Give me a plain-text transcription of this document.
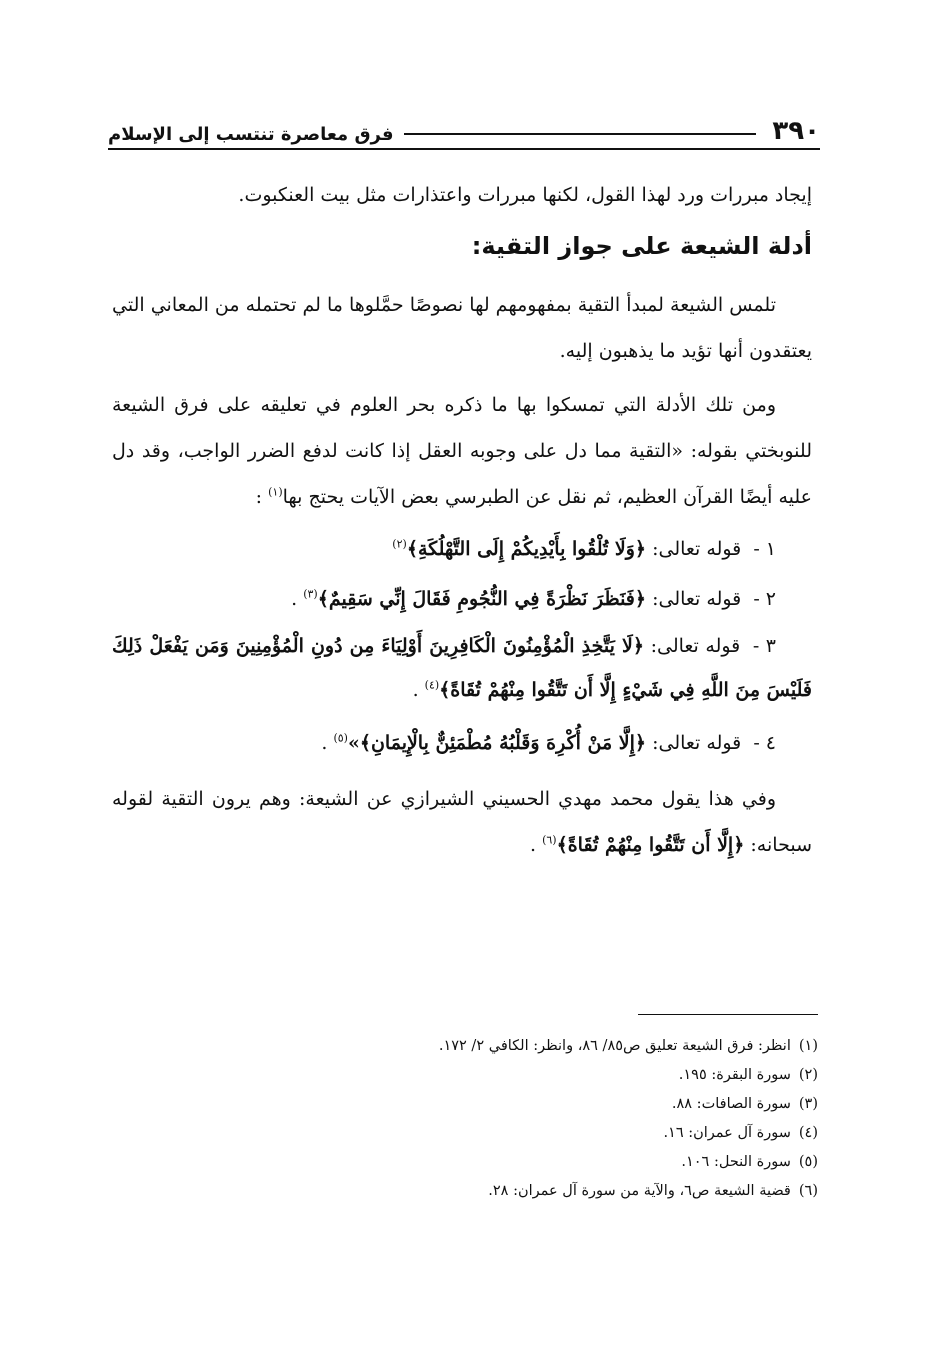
٣٩٠
فرق معاصرة تنتسب إلى الإسلام

إيجاد مبررات ورد لهذا القول، لكنها مبررات واعتذارات مثل بيت العنكبوت.

أدلة الشيعة على جواز التقية:

تلمس الشيعة لمبدأ التقية بمفهومهم لها نصوصًا حمَّلوها ما لم تحتمله من المعاني التي يعتقدون أنها تؤيد ما يذهبون إليه.

ومن تلك الأدلة التي تمسكوا بها ما ذكره بحر العلوم في تعليقه على فرق الشيعة للنوبختي بقوله: «التقية مما دل على وجوبه العقل إذا كانت لدفع الضرر الواجب، وقد دل عليه أيضًا القرآن العظيم، ثم نقل عن الطبرسي بعض الآيات يحتج بها$^{(١)}$ :

١ - قوله تعالى: ﴿وَلَا تُلْقُوا بِأَيْدِيكُمْ إِلَى التَّهْلُكَةِ﴾$^{(٢)}$

٢ - قوله تعالى: ﴿فَنَظَرَ نَظْرَةً فِي النُّجُومِ فَقَالَ إِنِّي سَقِيمٌ﴾$^{(٣)}$ .

٣ - قوله تعالى: ﴿لَا يَتَّخِذِ الْمُؤْمِنُونَ الْكَافِرِينَ أَوْلِيَاءَ مِن دُونِ الْمُؤْمِنِينَ وَمَن يَفْعَلْ ذَلِكَ فَلَيْسَ مِنَ اللَّهِ فِي شَيْءٍ إِلَّا أَن تَتَّقُوا مِنْهُمْ تُقَاةً﴾$^{(٤)}$ .

٤ - قوله تعالى: ﴿إِلَّا مَنْ أُكْرِهَ وَقَلْبُهُ مُطْمَئِنٌّ بِالْإِيمَانِ﴾»$^{(٥)}$ .

وفي هذا يقول محمد مهدي الحسيني الشيرازي عن الشيعة: وهم يرون التقية لقوله سبحانه: ﴿إِلَّا أَن تَتَّقُوا مِنْهُمْ تُقَاةً﴾$^{(٦)}$ .

(١)انظر: فرق الشيعة تعليق ص٨٥/ ٨٦، وانظر: الكافي ٢/ ١٧٢.

(٢)سورة البقرة: ١٩٥.

(٣)سورة الصافات: ٨٨.

(٤)سورة آل عمران: ١٦.

(٥)سورة النحل: ١٠٦.

(٦)قضية الشيعة ص٦، والآية من سورة آل عمران: ٢٨.
